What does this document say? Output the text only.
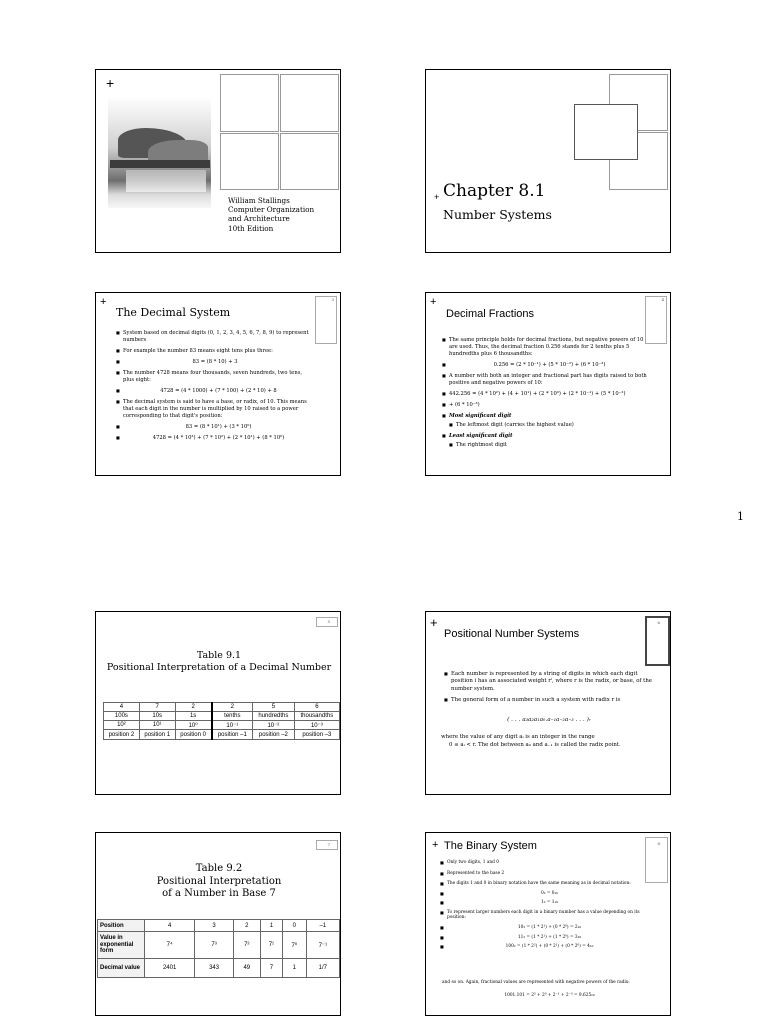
+
William Stallings
Computer Organization
and Architecture
10th Edition
+ Chapter 8.1
Number Systems
+	3
The Decimal System
■ System based on decimal digits (0, 1, 2, 3, 4, 5, 6, 7, 8, 9) to represent numbers
■ For example the number 83 means eight tens plus three:
■ 83 = (8 * 10) + 3
■ The number 4728 means four thousands, seven hundreds, two tens, plus eight:
■ 4728 = (4 * 1000) + (7 * 100) + (2 * 10) + 8
■ The decimal system is said to have a base, or radix, of 10. This means that each digit in the number is multiplied by 10 raised to a power corresponding to that digit's position:
■ 83 = (8 * 10¹) + (3 * 10⁰)
■ 4728 = (4 * 10³) + (7 * 10²) + (2 * 10¹) + (8 * 10⁰)
+	4
Decimal Fractions
■ The same principle holds for decimal fractions, but negative powers of 10 are used. Thus, the decimal fraction 0.256 stands for 2 tenths plus 5 hundredths plus 6 thousandths:
■ 0.256 = (2 * 10⁻¹) + (5 * 10⁻²) + (6 * 10⁻³)
■ A number with both an integer and fractional part has digits raised to both positive and negative powers of 10:
■ 442.256 = (4 * 10²) + (4 + 10¹) + (2 * 10⁰) + (2 * 10⁻¹) + (5 * 10⁻²)
■ + (6 * 10⁻³)
■ Most significant digit
■ The leftmost digit (carries the highest value)
■ Least significant digit
■ The rightmost digit
1
5
Table 9.1
Positional Interpretation of a Decimal Number
4	7	2	2	5	6
100s	10s	1s	tenths	hundredths	thousandths
10²	10¹	10⁰	10⁻¹	10⁻²	10⁻³
position 2	position 1	position 0	position –1	position –2	position –3
+	6
Positional Number Systems
■ Each number is represented by a string of digits in which each digit position i has an associated weight rⁱ, where r is the radix, or base, of the number system.
■ The general form of a number in such a system with radix r is
( . . . a₃a₂a₁a₀.a₋₁a₋₂a₋₃ . . . )ᵣ
where the value of any digit aᵢ is an integer in the range
0 ≤ aᵢ < r. The dot between a₀ and a₋₁ is called the radix point.
7
Table 9.2
Positional Interpretation
of a Number in Base 7
Position	4	3	2	1	0	–1
Value in exponential form	7⁴	7³	7²	7¹	7⁰	7⁻¹
Decimal value	2401	343	49	7	1	1/7
8
+ The Binary System
■ Only two digits, 1 and 0
■ Represented to the base 2
■ The digits 1 and 0 in binary notation have the same meaning as in decimal notation:
■ 0₂ = 0₁₀
■ 1₂ = 1₁₀
■ To represent larger numbers each digit in a binary number has a value depending on its position:
■ 10₂ = (1 * 2¹) + (0 * 2⁰) = 2₁₀
■ 11₂ = (1 * 2¹) + (1 * 2⁰) = 3₁₀
■ 100₂ = (1 * 2²) + (0 * 2¹) + (0 * 2⁰) = 4₁₀
and so on. Again, fractional values are represented with negative powers of the radix:
1001.101 = 2³ + 2⁰ + 2⁻¹ + 2⁻³ = 9.625₁₀
